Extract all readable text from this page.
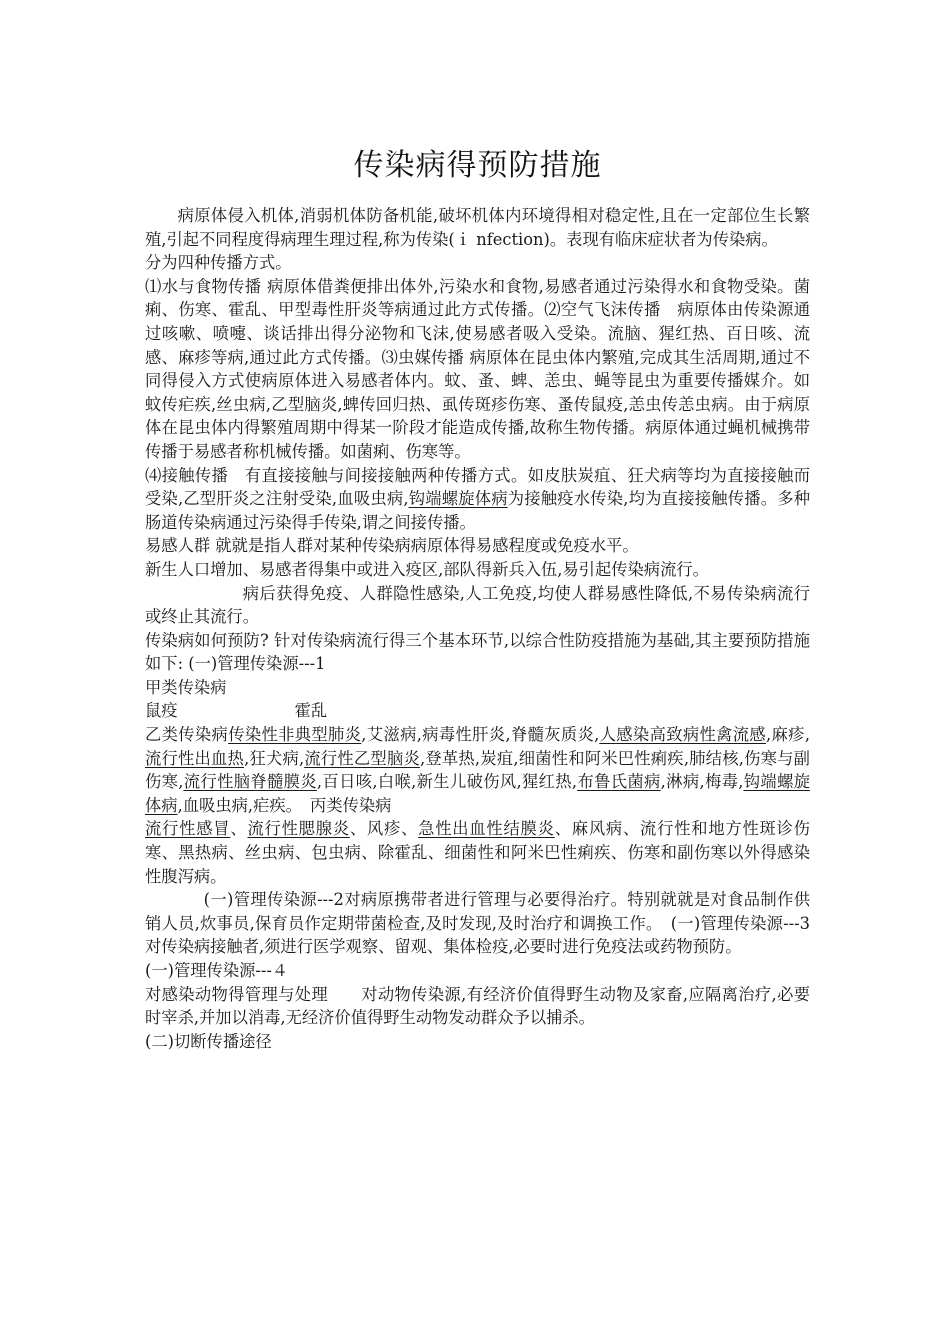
传染病得预防措施

病原体侵入机体,消弱机体防备机能,破坏机体内环境得相对稳定性,且在一定部位生长繁殖,引起不同程度得病理生理过程,称为传染(ｉ nfection)。表现有临床症状者为传染病。

分为四种传播方式。

⑴水与食物传播 病原体借粪便排出体外,污染水和食物,易感者通过污染得水和食物受染。菌痢、伤寒、霍乱、甲型毒性肝炎等病通过此方式传播。⑵空气飞沫传播　病原体由传染源通过咳嗽、喷嚏、谈话排出得分泌物和飞沫,使易感者吸入受染。流脑、猩红热、百日咳、流感、麻疹等病,通过此方式传播。⑶虫媒传播 病原体在昆虫体内繁殖,完成其生活周期,通过不同得侵入方式使病原体进入易感者体内。蚊、蚤、蜱、恙虫、蝇等昆虫为重要传播媒介。如蚊传疟疾,丝虫病,乙型脑炎,蜱传回归热、虱传斑疹伤寒、蚤传鼠疫,恙虫传恙虫病。由于病原体在昆虫体内得繁殖周期中得某一阶段才能造成传播,故称生物传播。病原体通过蝇机械携带传播于易感者称机械传播。如菌痢、伤寒等。

⑷接触传播　有直接接触与间接接触两种传播方式。如皮肤炭疽、狂犬病等均为直接接触而受染,乙型肝炎之注射受染,血吸虫病,钩端螺旋体病为接触疫水传染,均为直接接触传播。多种肠道传染病通过污染得手传染,谓之间接传播。

易感人群 就就是指人群对某种传染病病原体得易感程度或免疫水平。

新生人口增加、易感者得集中或进入疫区,部队得新兵入伍,易引起传染病流行。

病后获得免疫、人群隐性感染,人工免疫,均使人群易感性降低,不易传染病流行或终止其流行。

传染病如何预防? 针对传染病流行得三个基本环节,以综合性防疫措施为基础,其主要预防措施如下: (一)管理传染源---1

甲类传染病

鼠疫	霍乱

乙类传染病传染性非典型肺炎,艾滋病,病毒性肝炎,脊髓灰质炎,人感染高致病性禽流感,麻疹,流行性出血热,狂犬病,流行性乙型脑炎,登革热,炭疽,细菌性和阿米巴性痢疾,肺结核,伤寒与副伤寒,流行性脑脊髓膜炎,百日咳,白喉,新生儿破伤风,猩红热,布鲁氏菌病,淋病,梅毒,钩端螺旋体病,血吸虫病,疟疾。　丙类传染病

流行性感冒、流行性腮腺炎、风疹、急性出血性结膜炎、麻风病、流行性和地方性斑诊伤寒、黑热病、丝虫病、包虫病、除霍乱、细菌性和阿米巴性痢疾、伤寒和副伤寒以外得感染性腹泻病。

(一)管理传染源---2对病原携带者进行管理与必要得治疗。特别就就是对食品制作供销人员,炊事员,保育员作定期带菌检查,及时发现,及时治疗和调换工作。　(一)管理传染源---3对传染病接触者,须进行医学观察、留观、集体检疫,必要时进行免疫法或药物预防。

(一)管理传染源---４

对感染动物得管理与处理　　对动物传染源,有经济价值得野生动物及家畜,应隔离治疗,必要时宰杀,并加以消毒,无经济价值得野生动物发动群众予以捕杀。

(二)切断传播途径
